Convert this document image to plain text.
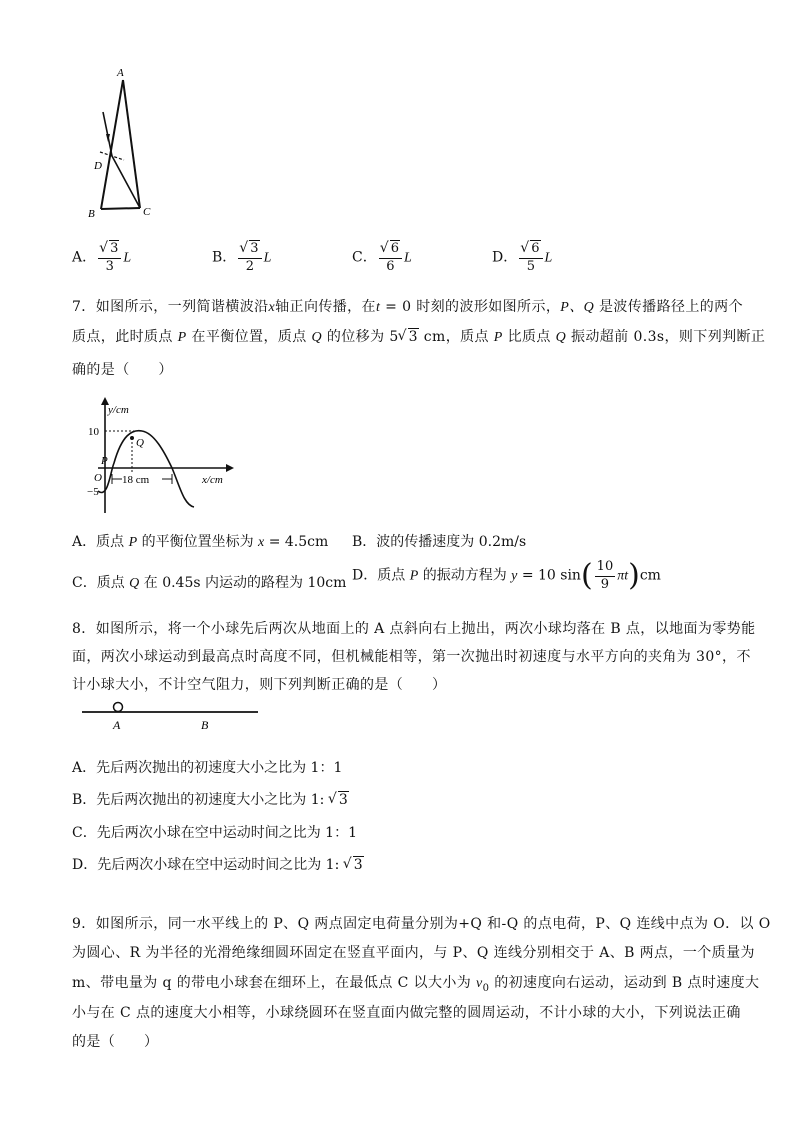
A
D
B	C
A． √ $\frac{3}{3}$ L	B． √ $\frac{3}{2}$ L	C． √ $\frac{6}{6}$ L	D． √ $\frac{6}{5}$ L
7．如图所示，一列简谐横波沿x轴正向传播，在t = 0 时刻的波形如图所示，P、Q 是波传播路径上的两个
质点，此时质点 P 在平衡位置，质点 Q 的位移为 5 √ 3 cm，质点 P 比质点 Q 振动超前 0.3s，则下列判断正
确的是（　　）
y/cm
x/cm
10
−5
O
Q
P
18 cm
A．质点 P 的平衡位置坐标为 x = 4.5cm B．波的传播速度为 0.2m/s
C．质点 Q 在 0.45s 内运动的路程为 10cm D．质点 P 的振动方程为 y = 10 $\sin( \frac{10}{9} \pi t)cm$
8．如图所示，将一个小球先后两次从地面上的 A 点斜向右上抛出，两次小球均落在 B 点，以地面为零势能
面，两次小球运动到最高点时高度不同，但机械能相等，第一次抛出时初速度与水平方向的夹角为 30°，不
计小球大小，不计空气阻力，则下列判断正确的是（　　）
A	B
A．先后两次抛出的初速度大小之比为 1：1
B．先后两次抛出的初速度大小之比为 1: √ 3
C．先后两次小球在空中运动时间之比为 1：1
D．先后两次小球在空中运动时间之比为 1: √ 3
9．如图所示，同一水平线上的 P、Q 两点固定电荷量分别为+Q 和-Q 的点电荷，P、Q 连线中点为 O．以 O
为圆心、R 为半径的光滑绝缘细圆环固定在竖直平面内，与 P、Q 连线分别相交于 A、B 两点，一个质量为
m、带电量为 q 的带电小球套在细环上，在最低点 C 以大小为 $v_0$ 的初速度向右运动，运动到 B 点时速度大
小与在 C 点的速度大小相等，小球绕圆环在竖直面内做完整的圆周运动，不计小球的大小，下列说法正确
的是（　　）
